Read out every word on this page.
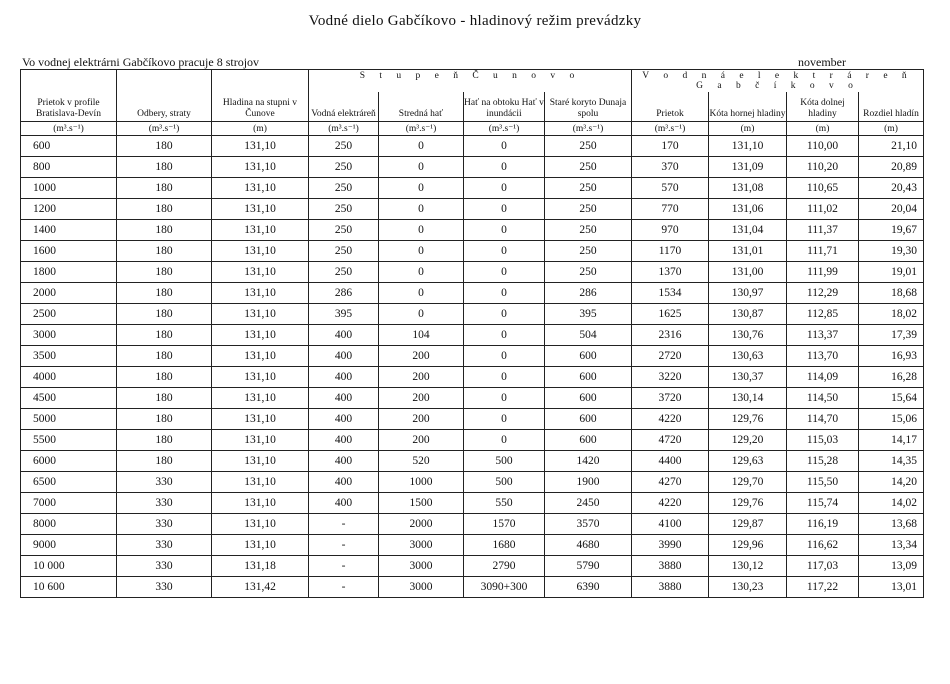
Vodné dielo Gabčíkovo - hladinový režim prevádzky
Vo vodnej elektrárni Gabčíkovo pracuje 8 strojov	november
Prietok v profile Bratislava-Devín	Odbery, straty	Hladina na stupni v Čunove	S t u p e ň Č u n o v o				V o d n á e l e k t r á r e ň G a b č í k o v o			
			Vodná elektráreň	Stredná hať	Hať na obtoku Hať v inundácii	Staré koryto Dunaja spolu	Prietok	Kóta hornej hladiny	Kóta dolnej hladiny	Rozdiel hladín
(m³.s⁻¹)	(m³.s⁻¹)	(m)	(m³.s⁻¹)	(m³.s⁻¹)	(m³.s⁻¹)	(m³.s⁻¹)	(m³.s⁻¹)	(m)	(m)	(m)
600	180	131,10	250	0	0	250	170	131,10	110,00	21,10
800	180	131,10	250	0	0	250	370	131,09	110,20	20,89
1000	180	131,10	250	0	0	250	570	131,08	110,65	20,43
1200	180	131,10	250	0	0	250	770	131,06	111,02	20,04
1400	180	131,10	250	0	0	250	970	131,04	111,37	19,67
1600	180	131,10	250	0	0	250	1170	131,01	111,71	19,30
1800	180	131,10	250	0	0	250	1370	131,00	111,99	19,01
2000	180	131,10	286	0	0	286	1534	130,97	112,29	18,68
2500	180	131,10	395	0	0	395	1625	130,87	112,85	18,02
3000	180	131,10	400	104	0	504	2316	130,76	113,37	17,39
3500	180	131,10	400	200	0	600	2720	130,63	113,70	16,93
4000	180	131,10	400	200	0	600	3220	130,37	114,09	16,28
4500	180	131,10	400	200	0	600	3720	130,14	114,50	15,64
5000	180	131,10	400	200	0	600	4220	129,76	114,70	15,06
5500	180	131,10	400	200	0	600	4720	129,20	115,03	14,17
6000	180	131,10	400	520	500	1420	4400	129,63	115,28	14,35
6500	330	131,10	400	1000	500	1900	4270	129,70	115,50	14,20
7000	330	131,10	400	1500	550	2450	4220	129,76	115,74	14,02
8000	330	131,10	-	2000	1570	3570	4100	129,87	116,19	13,68
9000	330	131,10	-	3000	1680	4680	3990	129,96	116,62	13,34
10 000	330	131,18	-	3000	2790	5790	3880	130,12	117,03	13,09
10 600	330	131,42	-	3000	3090+300	6390	3880	130,23	117,22	13,01
